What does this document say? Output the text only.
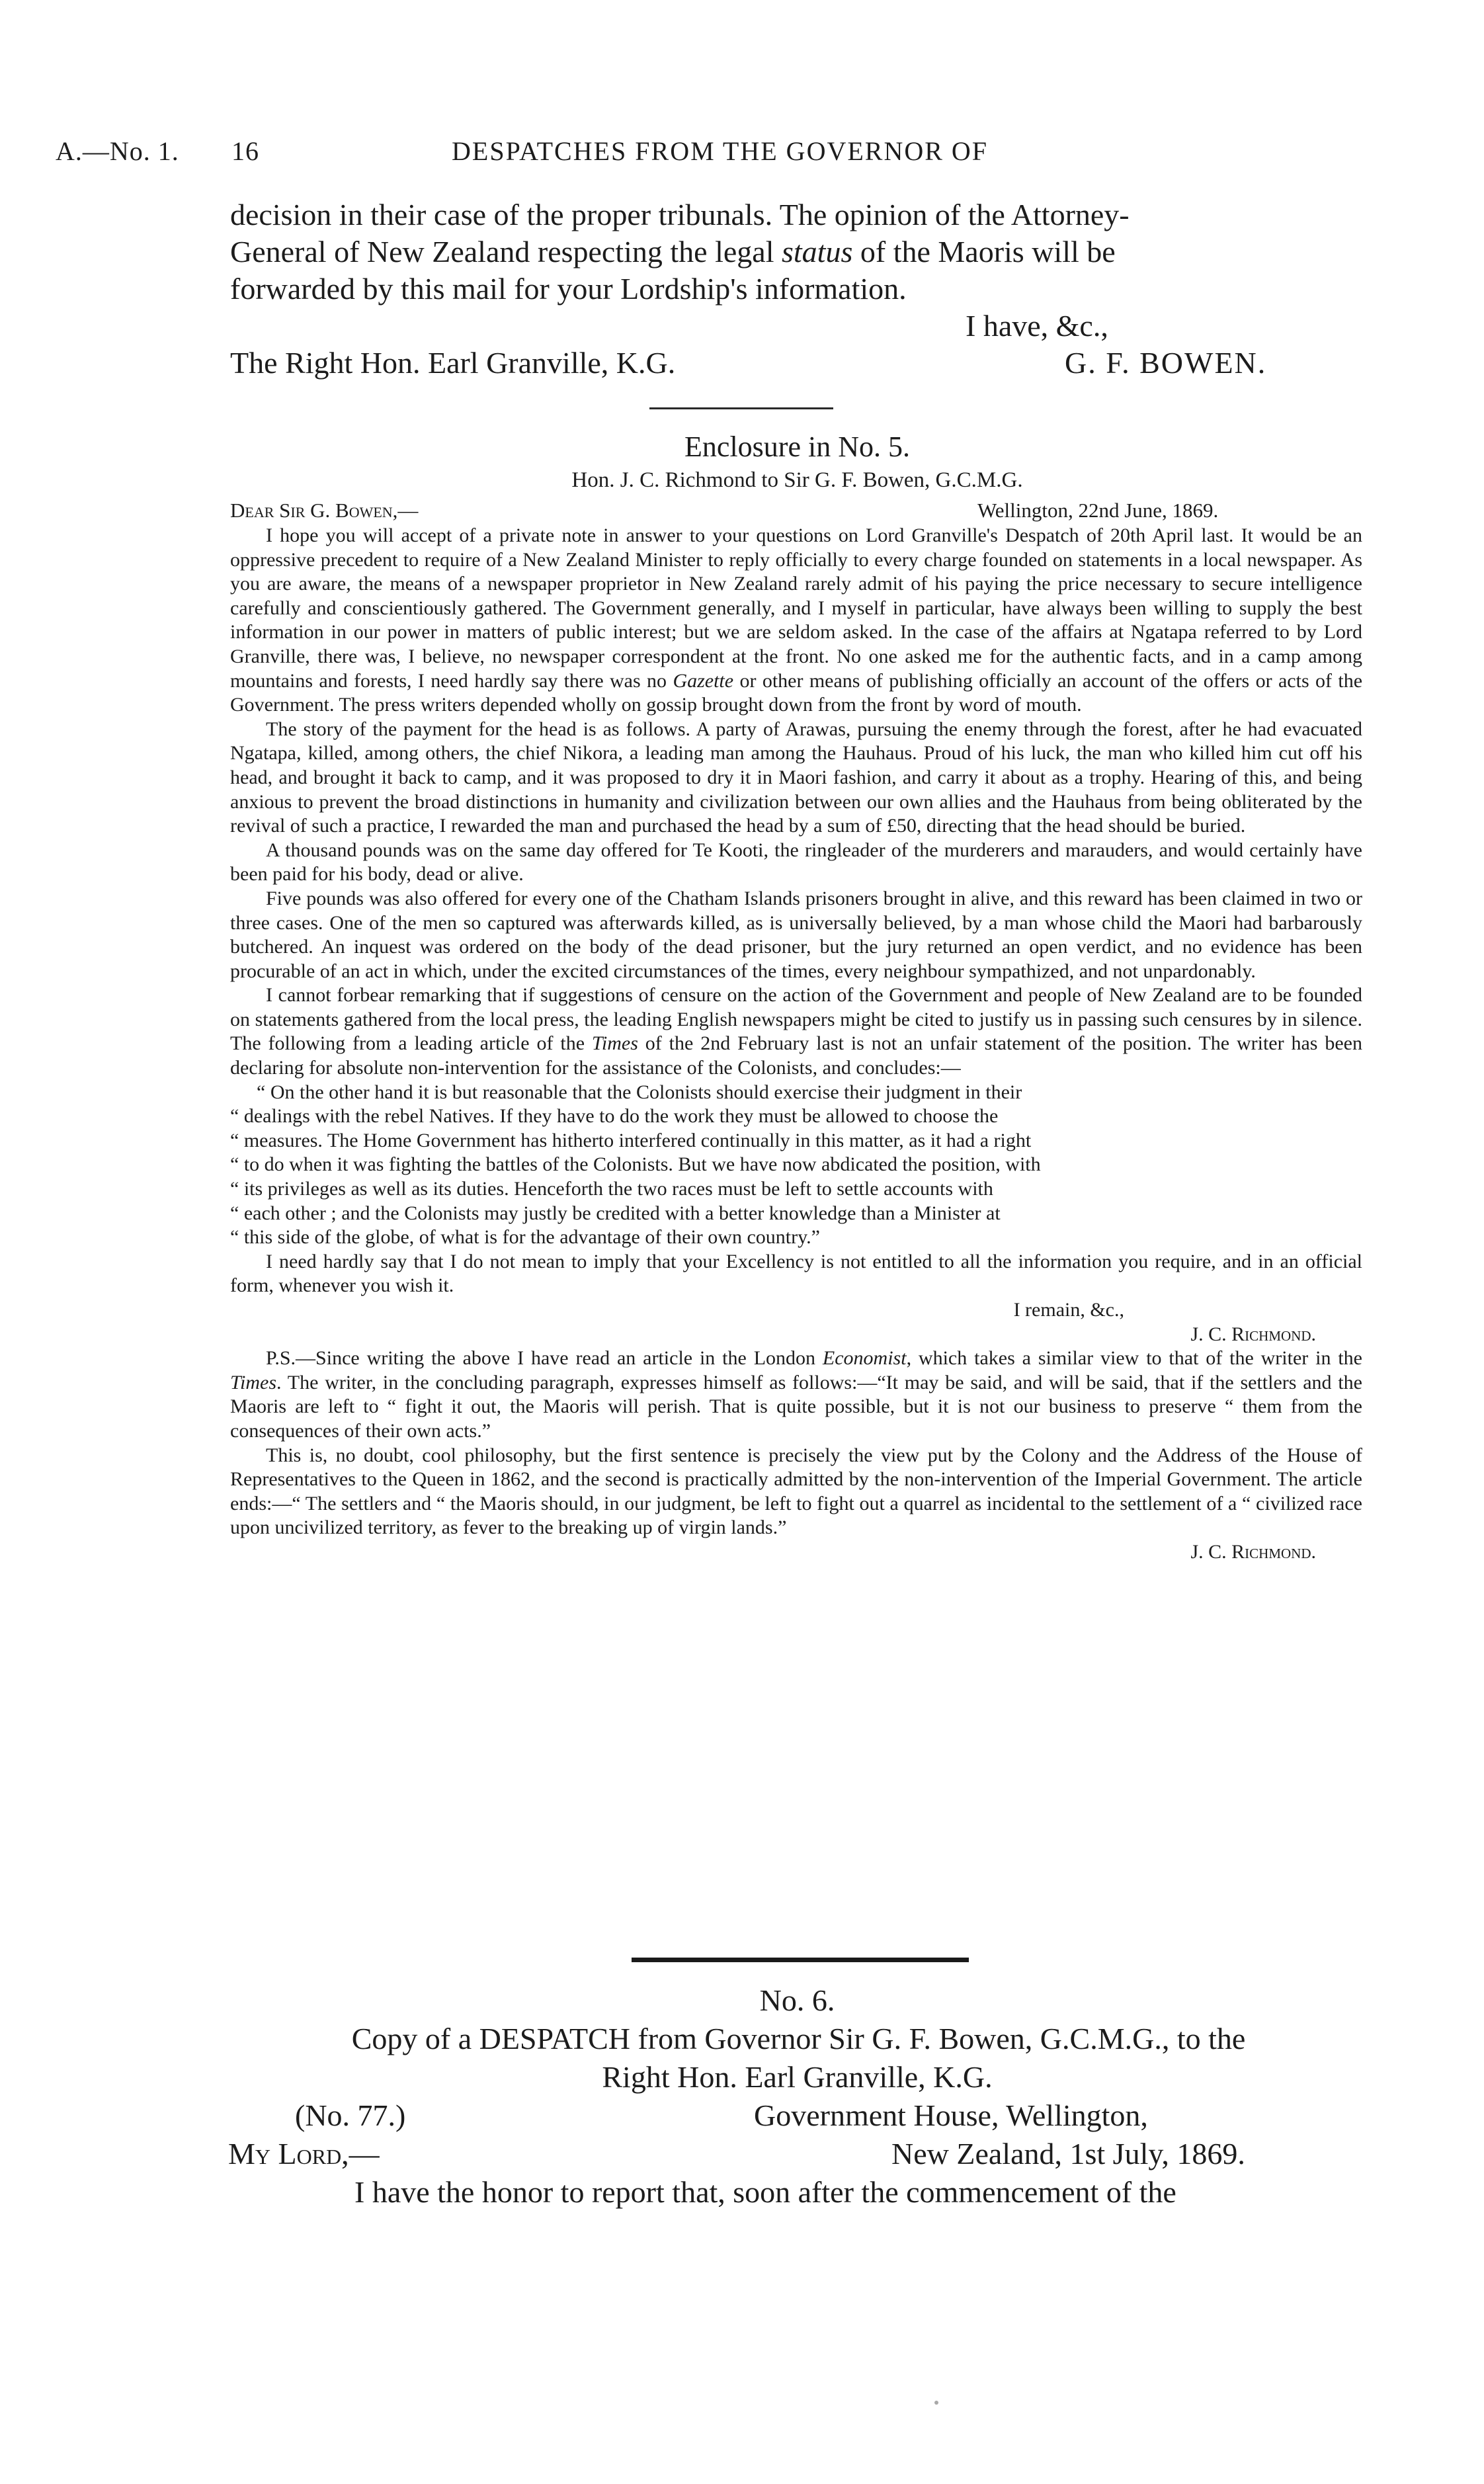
A.—No. 1. 16	DESPATCHES FROM THE GOVERNOR OF
decision in their case of the proper tribunals. The opinion of the Attorney-
General of New Zealand respecting the legal status of the Maoris will be
forwarded by this mail for your Lordship's information.
I have, &c.,
The Right Hon. Earl Granville, K.G.	G. F. BOWEN.
Enclosure in No. 5.
Hon. J. C. Richmond to Sir G. F. Bowen, G.C.M.G.
Dear Sir G. Bowen,—	Wellington, 22nd June, 1869.

I hope you will accept of a private note in answer to your questions on Lord Granville's Despatch of 20th April last. It would be an oppressive precedent to require of a New Zealand Minister to reply officially to every charge founded on statements in a local newspaper. As you are aware, the means of a newspaper proprietor in New Zealand rarely admit of his paying the price necessary to secure intelligence carefully and conscientiously gathered. The Government generally, and I myself in particular, have always been willing to supply the best information in our power in matters of public interest; but we are seldom asked. In the case of the affairs at Ngatapa referred to by Lord Granville, there was, I believe, no newspaper correspondent at the front. No one asked me for the authentic facts, and in a camp among mountains and forests, I need hardly say there was no Gazette or other means of publishing officially an account of the offers or acts of the Government. The press writers depended wholly on gossip brought down from the front by word of mouth.

The story of the payment for the head is as follows. A party of Arawas, pursuing the enemy through the forest, after he had evacuated Ngatapa, killed, among others, the chief Nikora, a leading man among the Hauhaus. Proud of his luck, the man who killed him cut off his head, and brought it back to camp, and it was proposed to dry it in Maori fashion, and carry it about as a trophy. Hearing of this, and being anxious to prevent the broad distinctions in humanity and civilization between our own allies and the Hauhaus from being obliterated by the revival of such a practice, I rewarded the man and purchased the head by a sum of £50, directing that the head should be buried.

A thousand pounds was on the same day offered for Te Kooti, the ringleader of the murderers and marauders, and would certainly have been paid for his body, dead or alive.

Five pounds was also offered for every one of the Chatham Islands prisoners brought in alive, and this reward has been claimed in two or three cases. One of the men so captured was afterwards killed, as is universally believed, by a man whose child the Maori had barbarously butchered. An inquest was ordered on the body of the dead prisoner, but the jury returned an open verdict, and no evidence has been procurable of an act in which, under the excited circumstances of the times, every neighbour sympathized, and not unpardonably.

I cannot forbear remarking that if suggestions of censure on the action of the Government and people of New Zealand are to be founded on statements gathered from the local press, the leading English newspapers might be cited to justify us in passing such censures by in silence. The following from a leading article of the Times of the 2nd February last is not an unfair statement of the position. The writer has been declaring for absolute non-intervention for the assistance of the Colonists, and concludes:—

“ On the other hand it is but reasonable that the Colonists should exercise their judgment in their

“ dealings with the rebel Natives. If they have to do the work they must be allowed to choose the

“ measures. The Home Government has hitherto interfered continually in this matter, as it had a right

“ to do when it was fighting the battles of the Colonists. But we have now abdicated the position, with

“ its privileges as well as its duties. Henceforth the two races must be left to settle accounts with

“ each other ; and the Colonists may justly be credited with a better knowledge than a Minister at

“ this side of the globe, of what is for the advantage of their own country.”

I need hardly say that I do not mean to imply that your Excellency is not entitled to all the information you require, and in an official form, whenever you wish it.

I remain, &c.,
J. C. Richmond.

P.S.—Since writing the above I have read an article in the London Economist, which takes a similar view to that of the writer in the Times. The writer, in the concluding paragraph, expresses himself as follows:—“It may be said, and will be said, that if the settlers and the Maoris are left to “ fight it out, the Maoris will perish. That is quite possible, but it is not our business to preserve “ them from the consequences of their own acts.”

This is, no doubt, cool philosophy, but the first sentence is precisely the view put by the Colony and the Address of the House of Representatives to the Queen in 1862, and the second is practically admitted by the non-intervention of the Imperial Government. The article ends:—“ The settlers and “ the Maoris should, in our judgment, be left to fight out a quarrel as incidental to the settlement of a “ civilized race upon uncivilized territory, as fever to the breaking up of virgin lands.”

J. C. Richmond.
No. 6.
Copy of a DESPATCH from Governor Sir G. F. Bowen, G.C.M.G., to the
Right Hon. Earl Granville, K.G.
(No. 77.)	Government House, Wellington,
My Lord,—	New Zealand, 1st July, 1869.
I have the honor to report that, soon after the commencement of the
